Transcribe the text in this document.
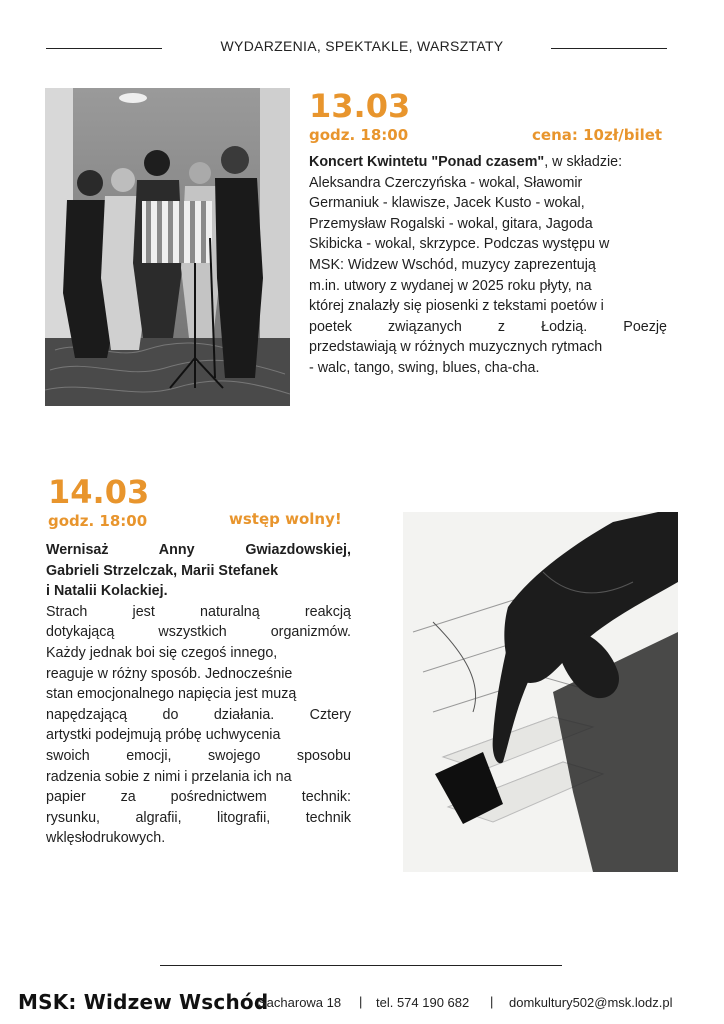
WYDARZENIA, SPEKTAKLE, WARSZTATY
13.03
godz. 18:00	cena: 10zł/bilet
Koncert Kwintetu "Ponad czasem", w składzie:
Aleksandra Czerczyńska - wokal, Sławomir
Germaniuk - klawisze, Jacek Kusto - wokal,
Przemysław Rogalski - wokal, gitara, Jagoda
Skibicka - wokal, skrzypce. Podczas występu w
MSK: Widzew Wschód, muzycy zaprezentują
m.in. utwory z wydanej w 2025 roku płyty, na
której znalazły się piosenki z tekstami poetów i
poetek związanych z Łodzią. Poezję
przedstawiają w różnych muzycznych rytmach
- walc, tango, swing, blues, cha-cha.
14.03
godz. 18:00	wstęp wolny!
Wernisaż Anny Gwiazdowskiej,
Gabrieli Strzelczak, Marii Stefanek
i Natalii Kolackiej.
Strach jest naturalną reakcją
dotykającą wszystkich organizmów.
Każdy jednak boi się czegoś innego,
reaguje w różny sposób. Jednocześnie
stan emocjonalnego napięcia jest muzą
napędzającą do działania. Cztery
artystki podejmują próbę uchwycenia
swoich emocji, swojego sposobu
radzenia sobie z nimi i przelania ich na
papier za pośrednictwem technik:
rysunku, algrafii, litografii, technik
wklęsłodrukowych.
MSK: Widzew Wschód
Sacharowa 18 | tel. 574 190 682 | domkultury502@msk.lodz.pl
